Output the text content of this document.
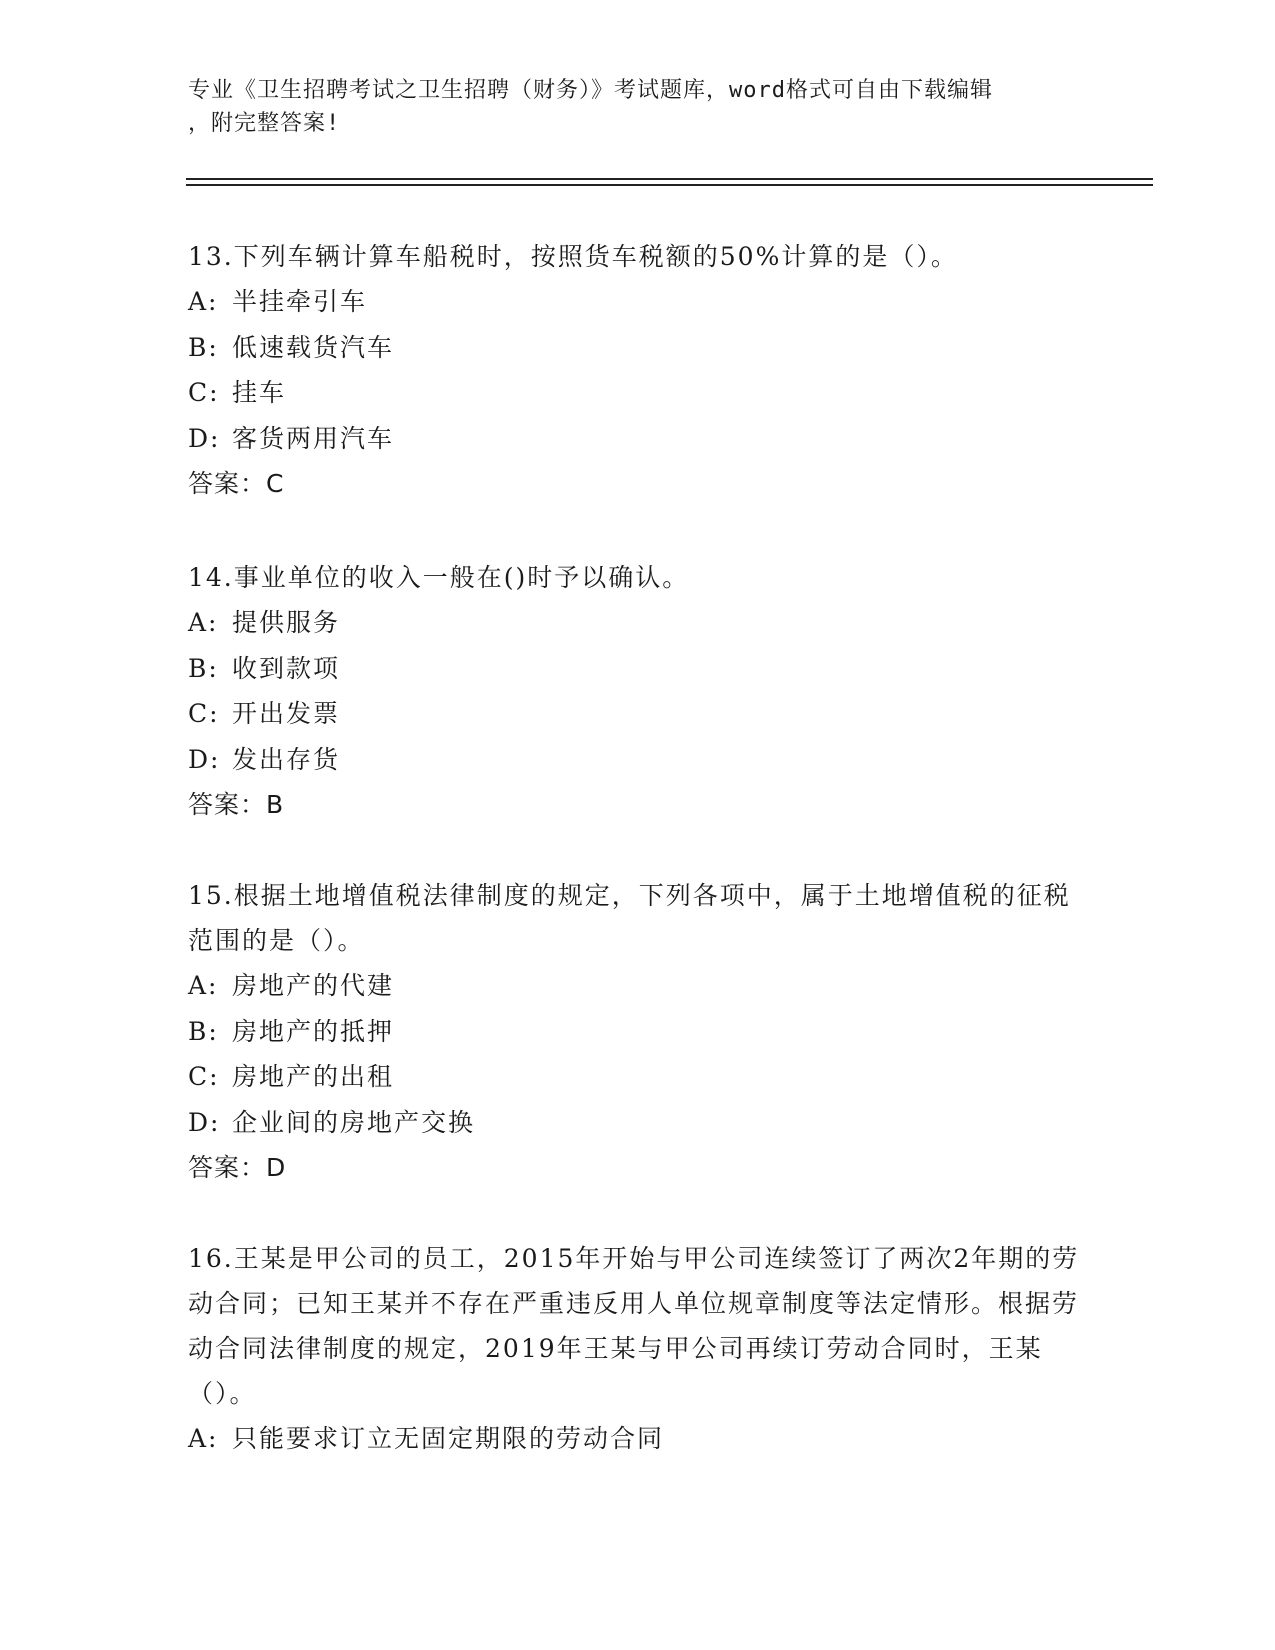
专业《卫生招聘考试之卫生招聘（财务）》考试题库，word格式可自由下载编辑
，附完整答案!
13.下列车辆计算车船税时，按照货车税额的50%计算的是（）。
A: 半挂牵引车
B: 低速载货汽车
C: 挂车
D: 客货两用汽车
答案：C
14.事业单位的收入一般在()时予以确认。
A: 提供服务
B: 收到款项
C: 开出发票
D: 发出存货
答案：B
15.根据土地增值税法律制度的规定，下列各项中，属于土地增值税的征税范围的是（）。
A: 房地产的代建
B: 房地产的抵押
C: 房地产的出租
D: 企业间的房地产交换
答案：D
16.王某是甲公司的员工，2015年开始与甲公司连续签订了两次2年期的劳动合同；已知王某并不存在严重违反用人单位规章制度等法定情形。根据劳动合同法律制度的规定，2019年王某与甲公司再续订劳动合同时，王某（）。
A: 只能要求订立无固定期限的劳动合同
